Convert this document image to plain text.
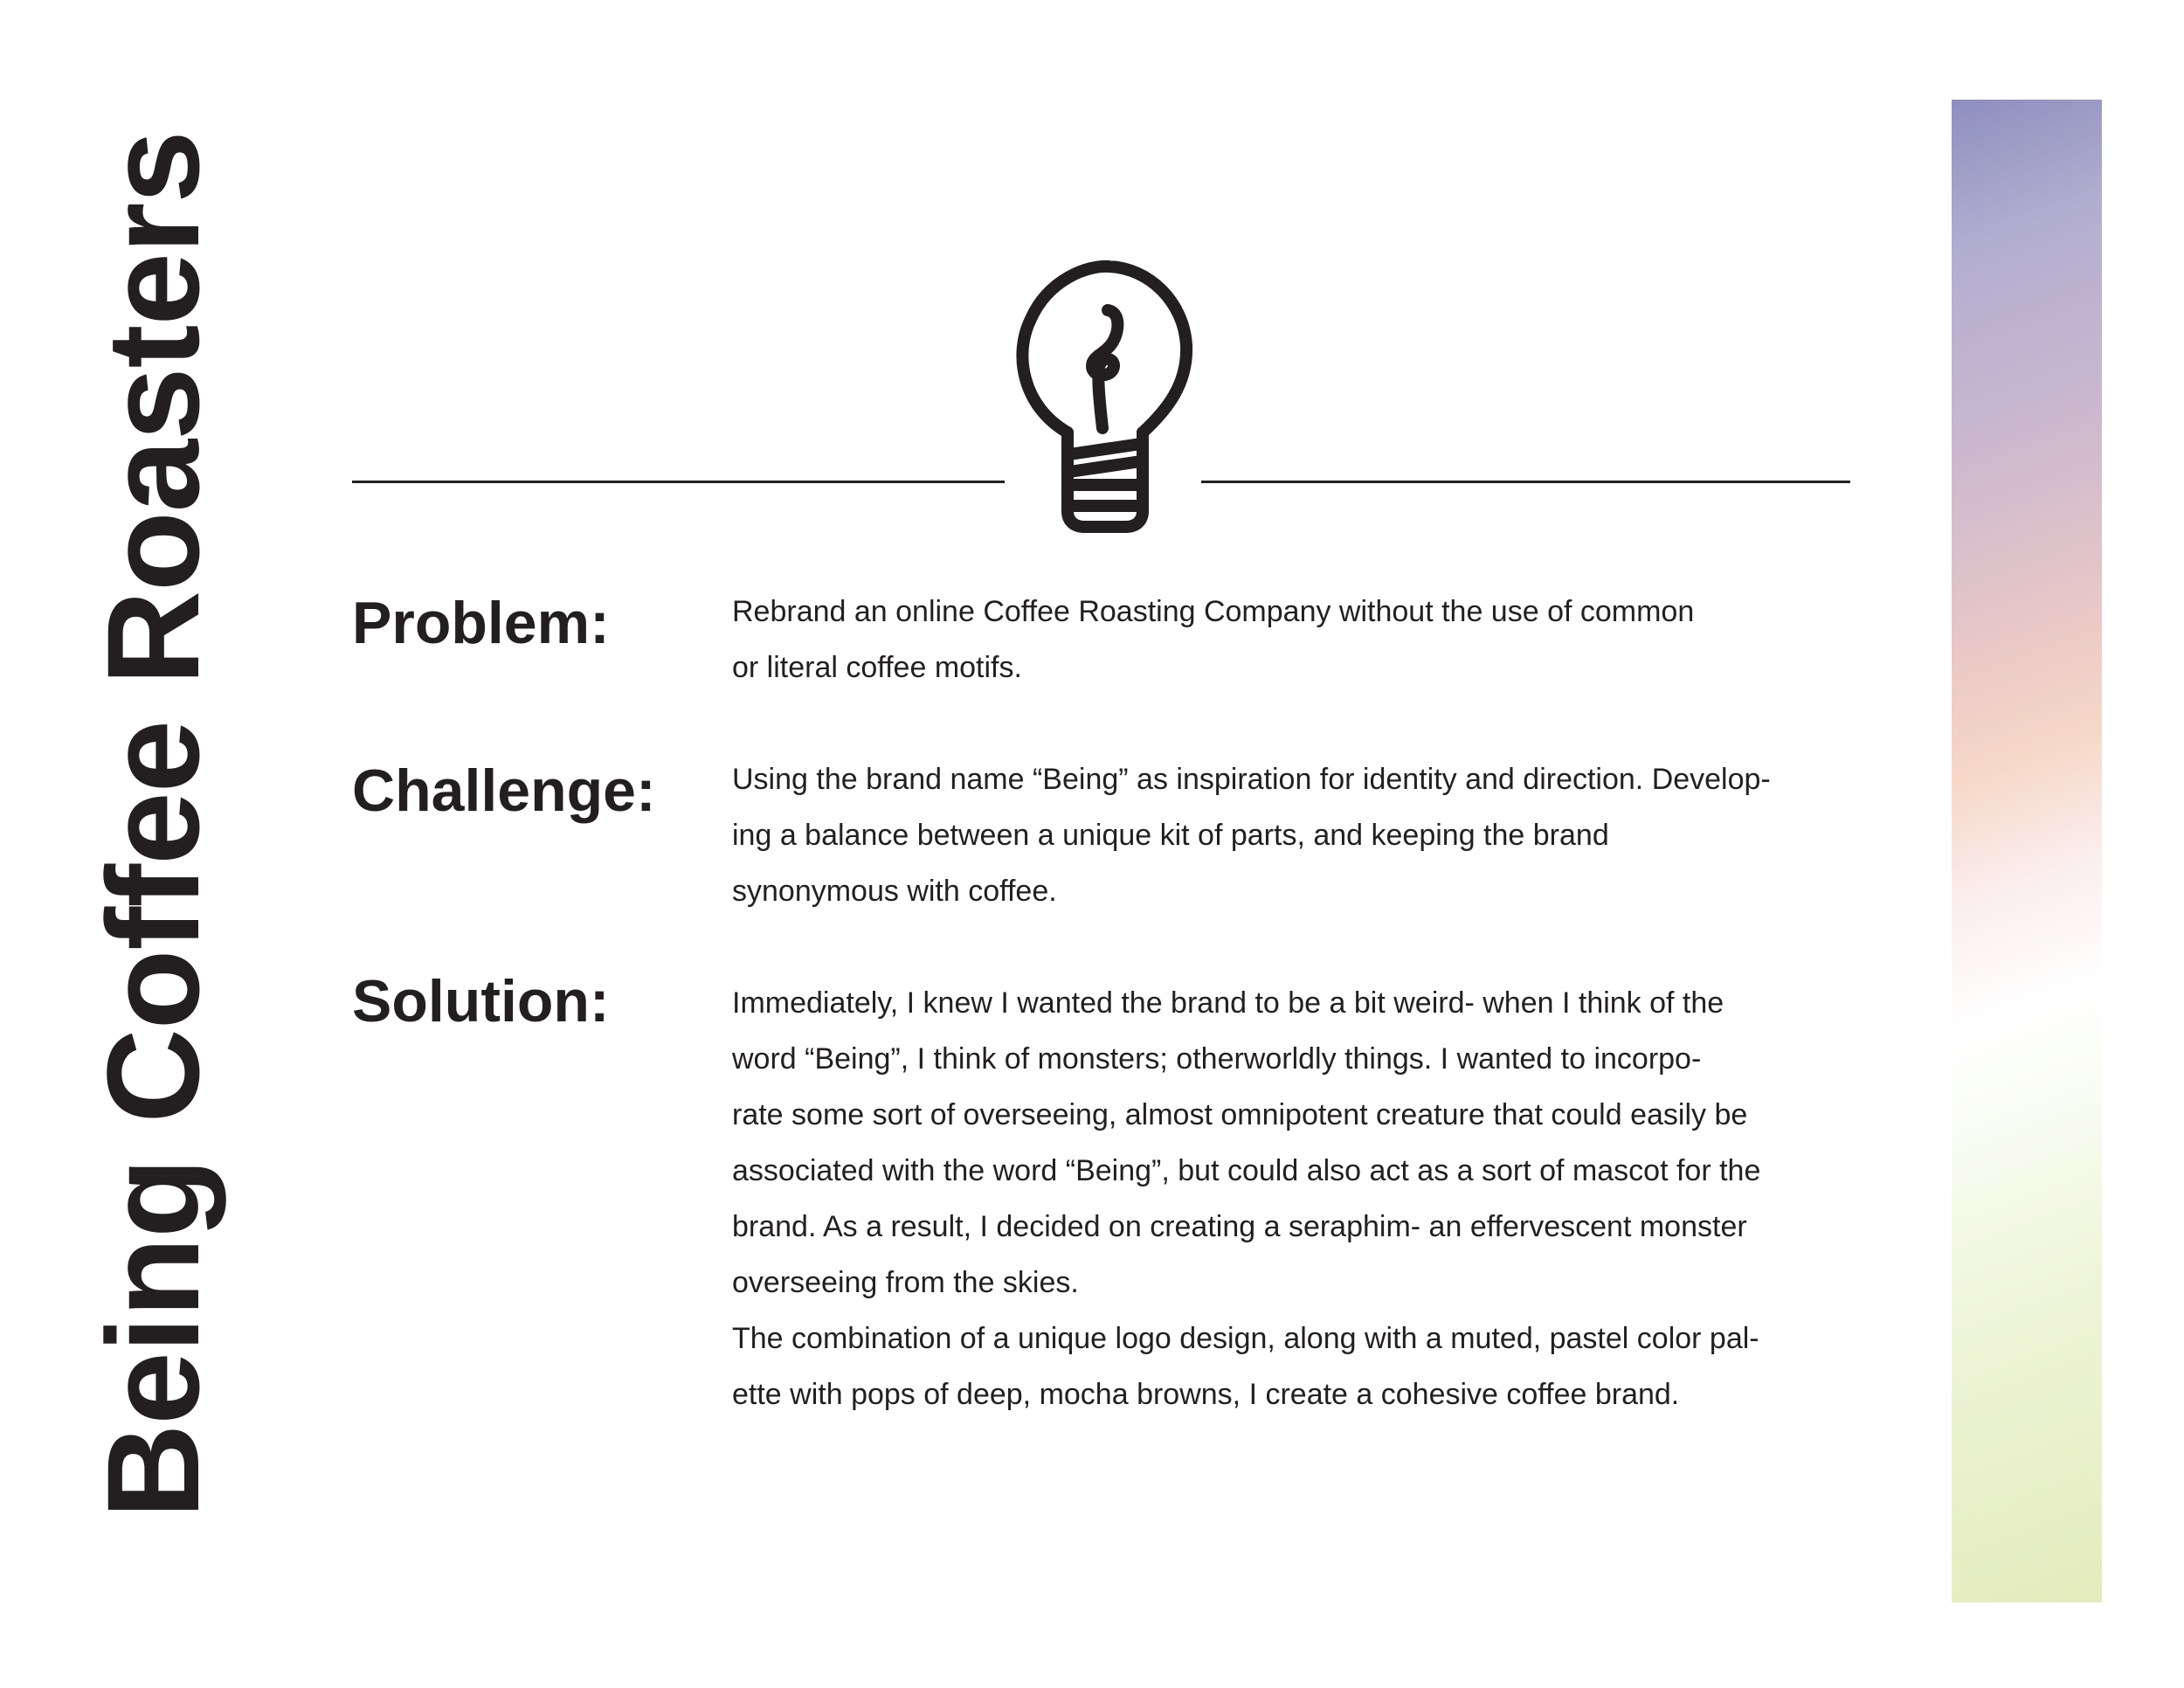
Being Coffee Roasters Problem:	Rebrand an online Coffee Roasting Company without the use of common
or literal coffee motifs.
Challenge:	Using the brand name “Being” as inspiration for identity and direction. Develop-
ing a balance between a unique kit of parts, and keeping the brand
synonymous with coffee.
Solution:	Immediately, I knew I wanted the brand to be a bit weird- when I think of the
word “Being”, I think of monsters; otherworldly things. I wanted to incorpo-
rate some sort of overseeing, almost omnipotent creature that could easily be
associated with the word “Being”, but could also act as a sort of mascot for the
brand. As a result, I decided on creating a seraphim- an effervescent monster
overseeing from the skies.
The combination of a unique logo design, along with a muted, pastel color pal-
ette with pops of deep, mocha browns, I create a cohesive coffee brand.
